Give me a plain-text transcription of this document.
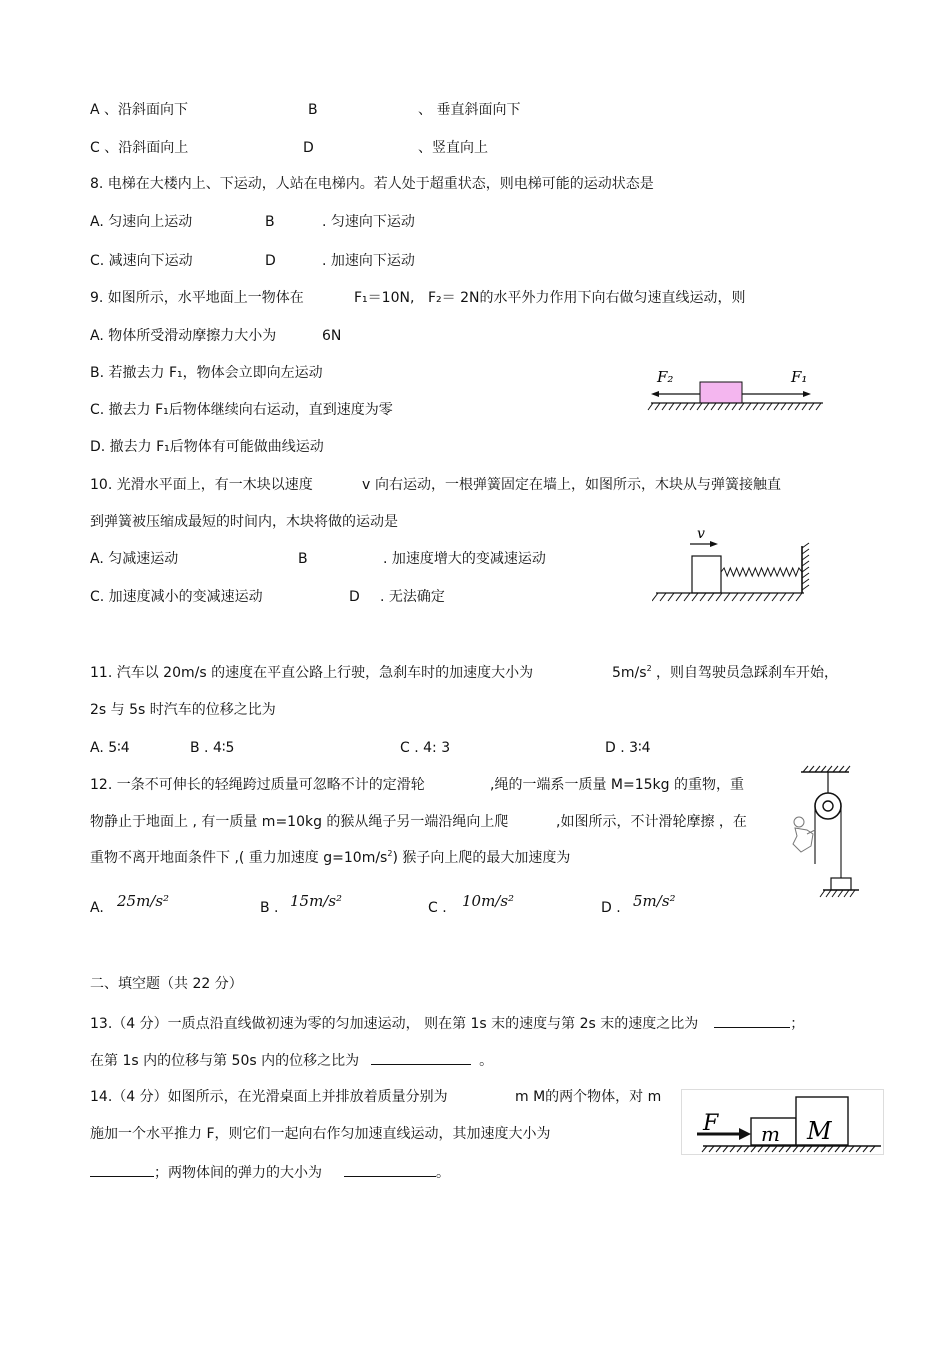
A 、沿斜面向下	B	、 垂直斜面向下
C 、沿斜面向上	D	、竖直向上
8. 电梯在大楼内上、下运动，人站在电梯内。若人处于超重状态，则电梯可能的运动状态是
A. 匀速向上运动	B	. 匀速向下运动
C. 减速向下运动	D	. 加速向下运动
9. 如图所示，水平地面上一物体在	F₁＝10N, F₂＝ 2N的水平外力作用下向右做匀速直线运动，则
A. 物体所受滑动摩擦力大小为	6N
B. 若撤去力 F₁，物体会立即向左运动
C. 撤去力 F₁后物体继续向右运动，直到速度为零
D. 撤去力 F₁后物体有可能做曲线运动
F₂	F₁
10. 光滑水平面上，有一木块以速度	v 向右运动，一根弹簧固定在墙上，如图所示，木块从与弹簧接触直
到弹簧被压缩成最短的时间内，木块将做的运动是
A. 匀减速运动	B	. 加速度增大的变减速运动
C. 加速度减小的变减速运动	D . 无法确定
v
11. 汽车以 20m/s 的速度在平直公路上行驶，急刹车时的加速度大小为	$5m/s^2$ ，则自驾驶员急踩刹车开始，
2s 与 5s 时汽车的位移之比为
A. 5∶4	B . 4∶5	C . 4: 3	D . 3∶4
12. 一条不可伸长的轻绳跨过质量可忽略不计的定滑轮	,绳的一端系一质量 M=15kg 的重物，重
物静止于地面上 , 有一质量 m=10kg 的猴从绳子另一端沿绳向上爬	,如图所示，不计滑轮摩擦 ，在
重物不离开地面条件下 ,( 重力加速度 $g=10m/s^2$) 猴子向上爬的最大加速度为
A. 25m/s²	B . 15m/s²	C . 10m/s²	D . 5m/s²
二、填空题（共 22 分）
13.（4 分）一质点沿直线做初速为零的匀加速运动， 则在第 1s 末的速度与第 2s 末的速度之比为	；
在第 1s 内的位移与第 50s 内的位移之比为	。
14.（4 分）如图所示，在光滑桌面上并排放着质量分别为	m M的两个物体，对 m
施加一个水平推力 F，则它们一起向右作匀加速直线运动，其加速度大小为
；两物体间的弹力的大小为	。
F m M
